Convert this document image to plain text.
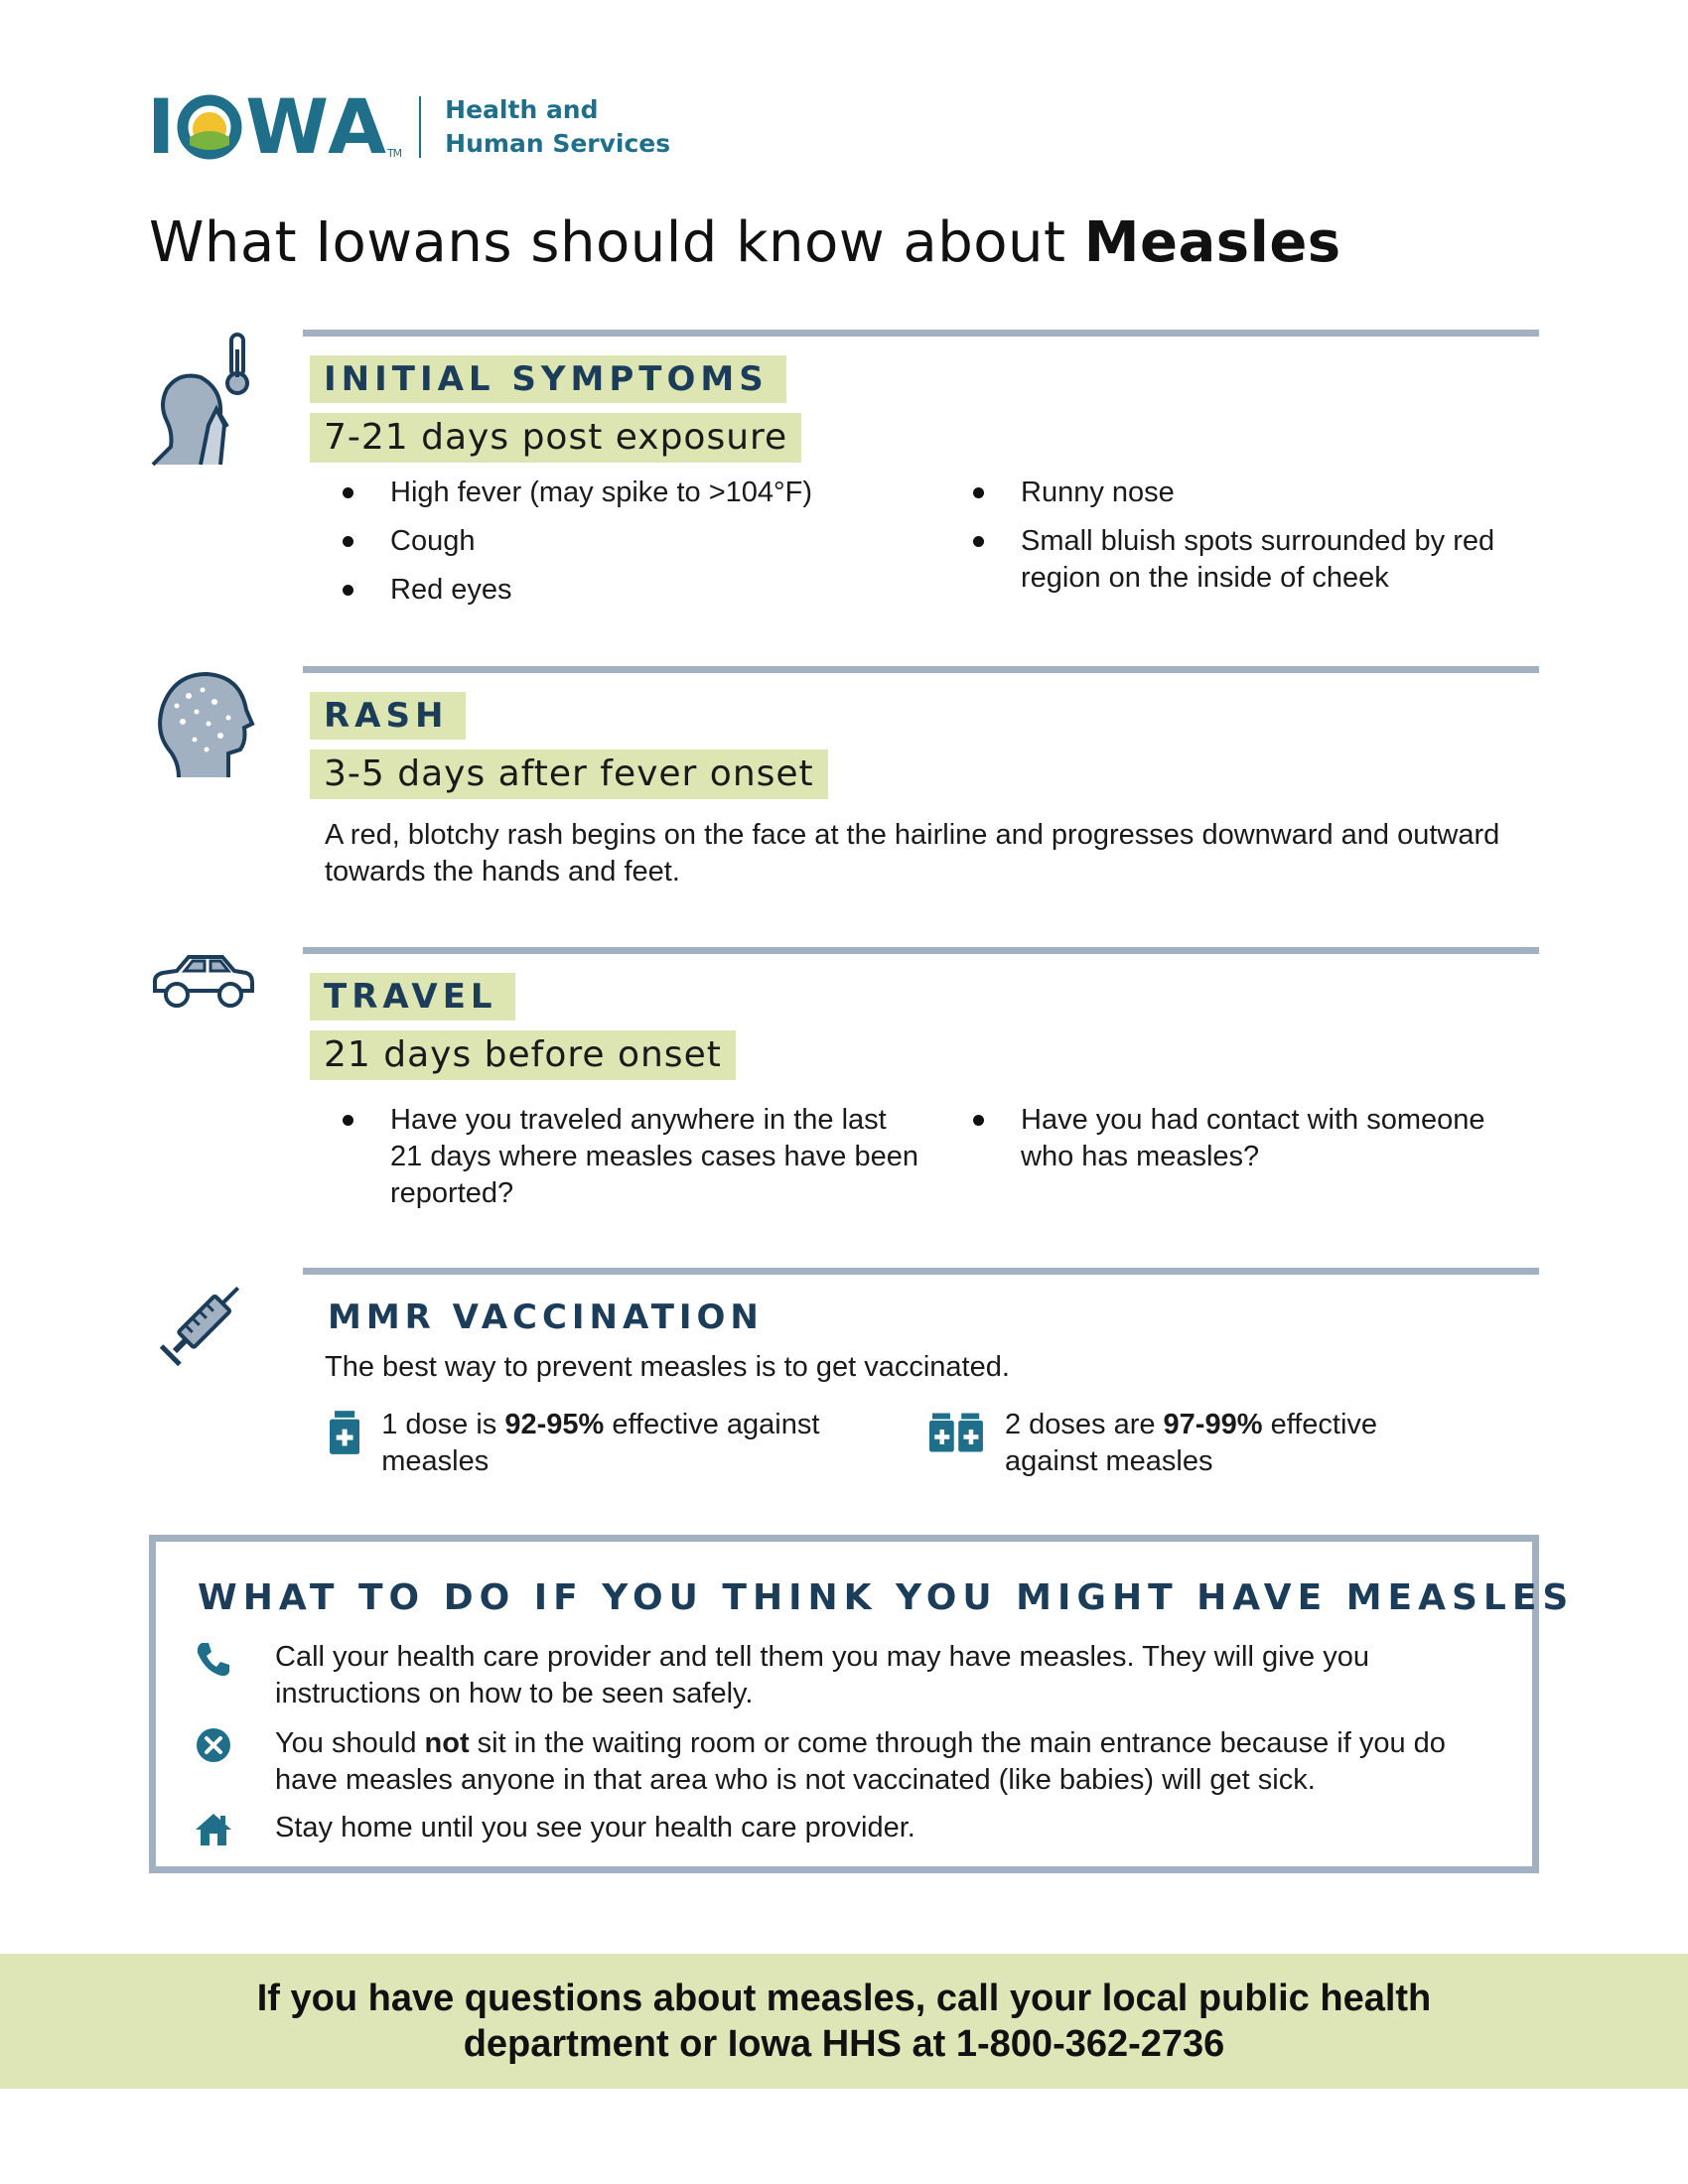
I W A TM
Health and
Human Services
What Iowans should know about Measles
INITIAL SYMPTOMS
7-21 days post exposure
High fever (may spike to >104°F)
Cough
Red eyes
Runny nose
Small bluish spots surrounded by red region on the inside of cheek
RASH
3-5 days after fever onset

A red, blotchy rash begins on the face at the hairline and progresses downward and outward towards the hands and feet.

TRAVEL
21 days before onset
Have you traveled anywhere in the last 21 days where measles cases have been reported?
Have you had contact with someone who has measles?
MMR VACCINATION

The best way to prevent measles is to get vaccinated.

1 dose is 92-95% effective against measles
2 doses are 97-99% effective against measles
WHAT TO DO IF YOU THINK YOU MIGHT HAVE MEASLES
Call your health care provider and tell them you may have measles. They will give you instructions on how to be seen safely.
You should not sit in the waiting room or come through the main entrance because if you do have measles anyone in that area who is not vaccinated (like babies) will get sick.
Stay home until you see your health care provider.
If you have questions about measles, call your local public health department or Iowa HHS at 1-800-362-2736
